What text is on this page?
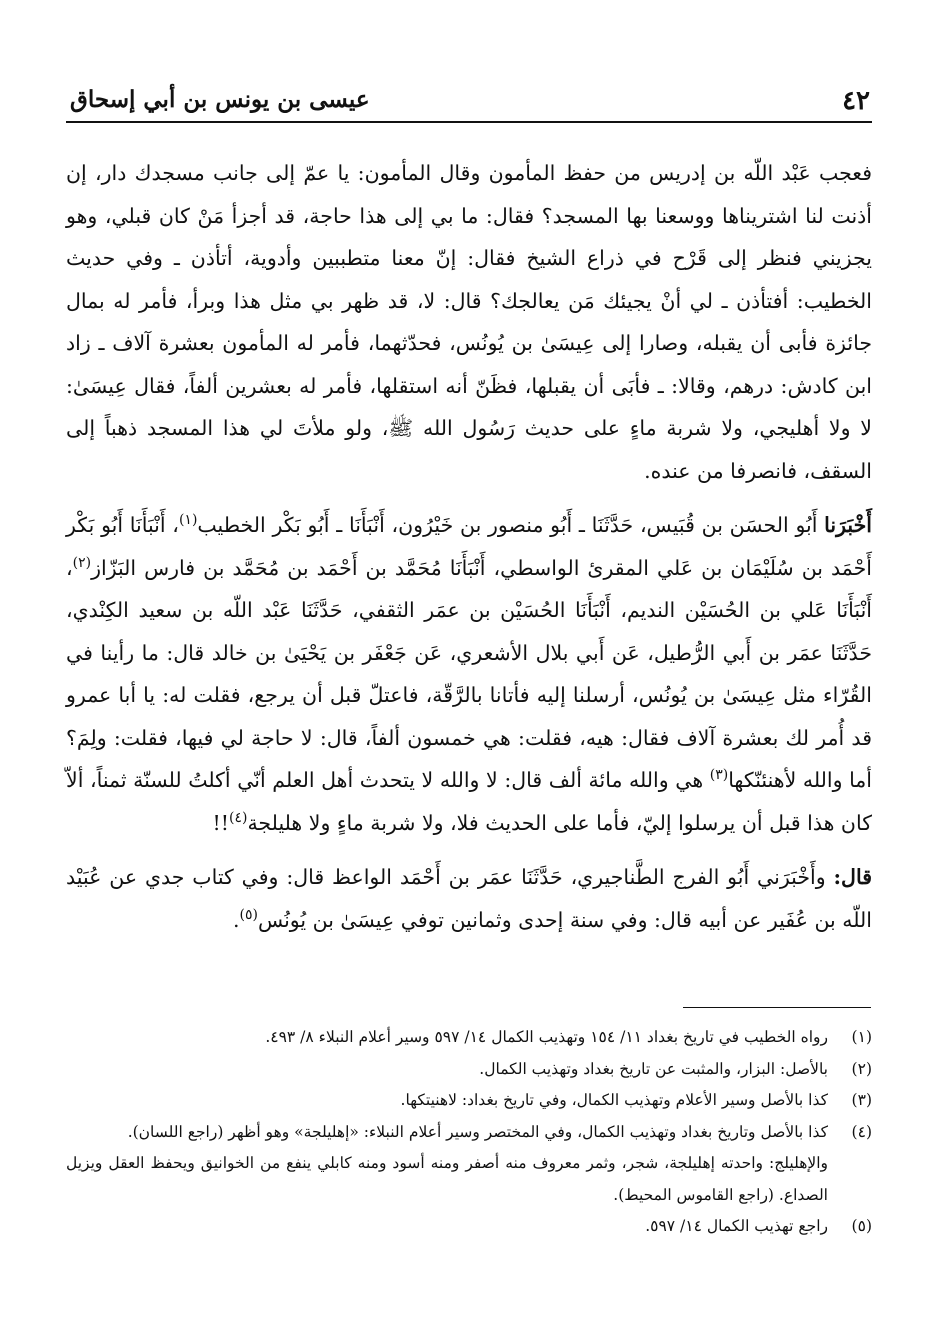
٤٢
عيسى بن يونس بن أبي إسحاق

فعجب عَبْد اللّه بن إدريس من حفظ المأمون وقال المأمون: يا عمّ إلى جانب مسجدك دار، إن أذنت لنا اشتريناها ووسعنا بها المسجد؟ فقال: ما بي إلى هذا حاجة، قد أجزأ مَنْ كان قبلي، وهو يجزيني فنظر إلى قَرْح في ذراع الشيخ فقال: إنّ معنا متطببين وأدوية، أتأذن ـ وفي حديث الخطيب: أفتأذن ـ لي أنْ يجيئك مَن يعالجك؟ قال: لا، قد ظهر بي مثل هذا وبرأ، فأمر له بمال جائزة فأبى أن يقبله، وصارا إلى عِيسَىٰ بن يُونُس، فحدّثهما، فأمر له المأمون بعشرة آلاف ـ زاد ابن كادش: درهم، وقالا: ـ فأبَى أن يقبلها، فظَنّ أنه استقلها، فأمر له بعشرين ألفاً، فقال عِيسَىٰ: لا ولا أهليجي، ولا شربة ماءٍ على حديث رَسُول الله ﷺ، ولو ملأتَ لي هذا المسجد ذهباً إلى السقف، فانصرفا من عنده.

أَخْبَرَنا أَبُو الحسَن بن قُبَيس، حَدَّثَنَا ـ أَبُو منصور بن خَيْرُون، أَنْبَأَنَا ـ أَبُو بَكْر الخطيب$^{(١)}$، أَنْبَأَنَا أَبُو بَكْر أَحْمَد بن سُلَيْمَان بن عَلي المقرئ الواسطي، أَنْبَأَنَا مُحَمَّد بن أَحْمَد بن مُحَمَّد بن فارس البَزّاز$^{(٢)}$، أَنْبَأَنَا عَلي بن الحُسَيْن النديم، أَنْبَأَنَا الحُسَيْن بن عمَر الثقفي، حَدَّثَنَا عَبْد اللّه بن سعيد الكِنْدي، حَدَّثَنَا عمَر بن أَبي الرُّطيل، عَن أَبي بلال الأشعري، عَن جَعْفَر بن يَحْيَىٰ بن خالد قال: ما رأينا في القُرّاء مثل عِيسَىٰ بن يُونُس، أرسلنا إليه فأتانا بالرَّقّة، فاعتلّ قبل أن يرجع، فقلت له: يا أبا عمرو قد أُمر لك بعشرة آلاف فقال: هيه، فقلت: هي خمسون ألفاً، قال: لا حاجة لي فيها، فقلت: ولِمَ؟ أما والله لأهنئنّكها$^{(٣)}$ هي والله مائة ألف قال: لا والله لا يتحدث أهل العلم أنّي أكلتُ للسنّة ثمناً، ألاّ كان هذا قبل أن يرسلوا إليّ، فأما على الحديث فلا، ولا شربة ماءٍ ولا هليلجة$^{(٤)}$!!

قال: وأَخْبَرَني أَبُو الفرج الطَّناجيري، حَدَّثَنَا عمَر بن أَحْمَد الواعظ قال: وفي كتاب جدي عن عُبَيْد اللّه بن عُفَير عن أبيه قال: وفي سنة إحدى وثمانين توفي عِيسَىٰ بن يُونُس$^{(٥)}$.

(١)
رواه الخطيب في تاريخ بغداد ١١/ ١٥٤ وتهذيب الكمال ١٤/ ٥٩٧ وسير أعلام النبلاء ٨/ ٤٩٣.
(٢)
بالأصل: البزار، والمثبت عن تاريخ بغداد وتهذيب الكمال.
(٣)
كذا بالأصل وسير الأعلام وتهذيب الكمال، وفي تاريخ بغداد: لاهنيتكها.
(٤)
كذا بالأصل وتاريخ بغداد وتهذيب الكمال، وفي المختصر وسير أعلام النبلاء: «إهليلجة» وهو أظهر (راجع اللسان).

والإهليلج: واحدته إهليلجة، شجر، وثمر معروف منه أصفر ومنه أسود ومنه كابلي ينفع من الخوانيق ويحفظ العقل ويزيل الصداع. (راجع القاموس المحيط).

(٥)
راجع تهذيب الكمال ١٤/ ٥٩٧.
